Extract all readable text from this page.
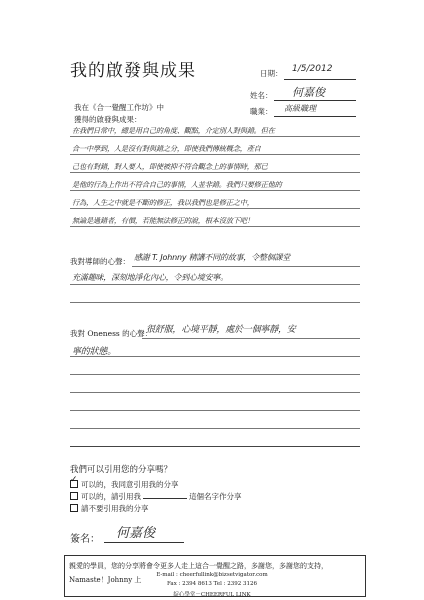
我的啟發與成果	日期： 1/5/2012
姓名： 何嘉俊
職業： 高級職理
我在《合一覺醒工作坊》中
獲得的啟發與成果：
在我們日常中，總是用自己的角度、觀點，介定別人對與錯。但在
合一中學到，人是沒有對與錯之分，即使我們傳統概念，產自
己也有對錯，對人要人，即使被抑不符合觀念上的事情時，那已
是他的行為上作出不符合自己的事情，人並非錯。我們只要修正他的
行為，人生之中就是不斷的修正，我以我們也是修正之中，
無論是過錯者，有價，若能無法修正的說，根本沒放下吧！
我對導師的心聲： 感謝 T. Johnny 精講不同的故事，令整個課堂
充滿趣味，深刻地淨化內心，令到心境安寧。
我對 Oneness 的心聲：
很舒服，心境平靜，處於一個寧靜，安
寧的狀態。
我們可以引用您的分享嗎？
✓可以的，我同意引用我的分享
可以的，請引用我	這個名字作分享
請不要引用我的分享
簽名： 何嘉俊
親愛的學員，您的分享將會令更多人走上這合一覺醒之路，多謝您，多謝您的支持，
Namaste！Johnny 上
E-mail : cheerfullink@bizsetvigator.com
Fax : 2394 8613 Tel : 2392 3126
綻心學堂－CHEERFUL LINK
